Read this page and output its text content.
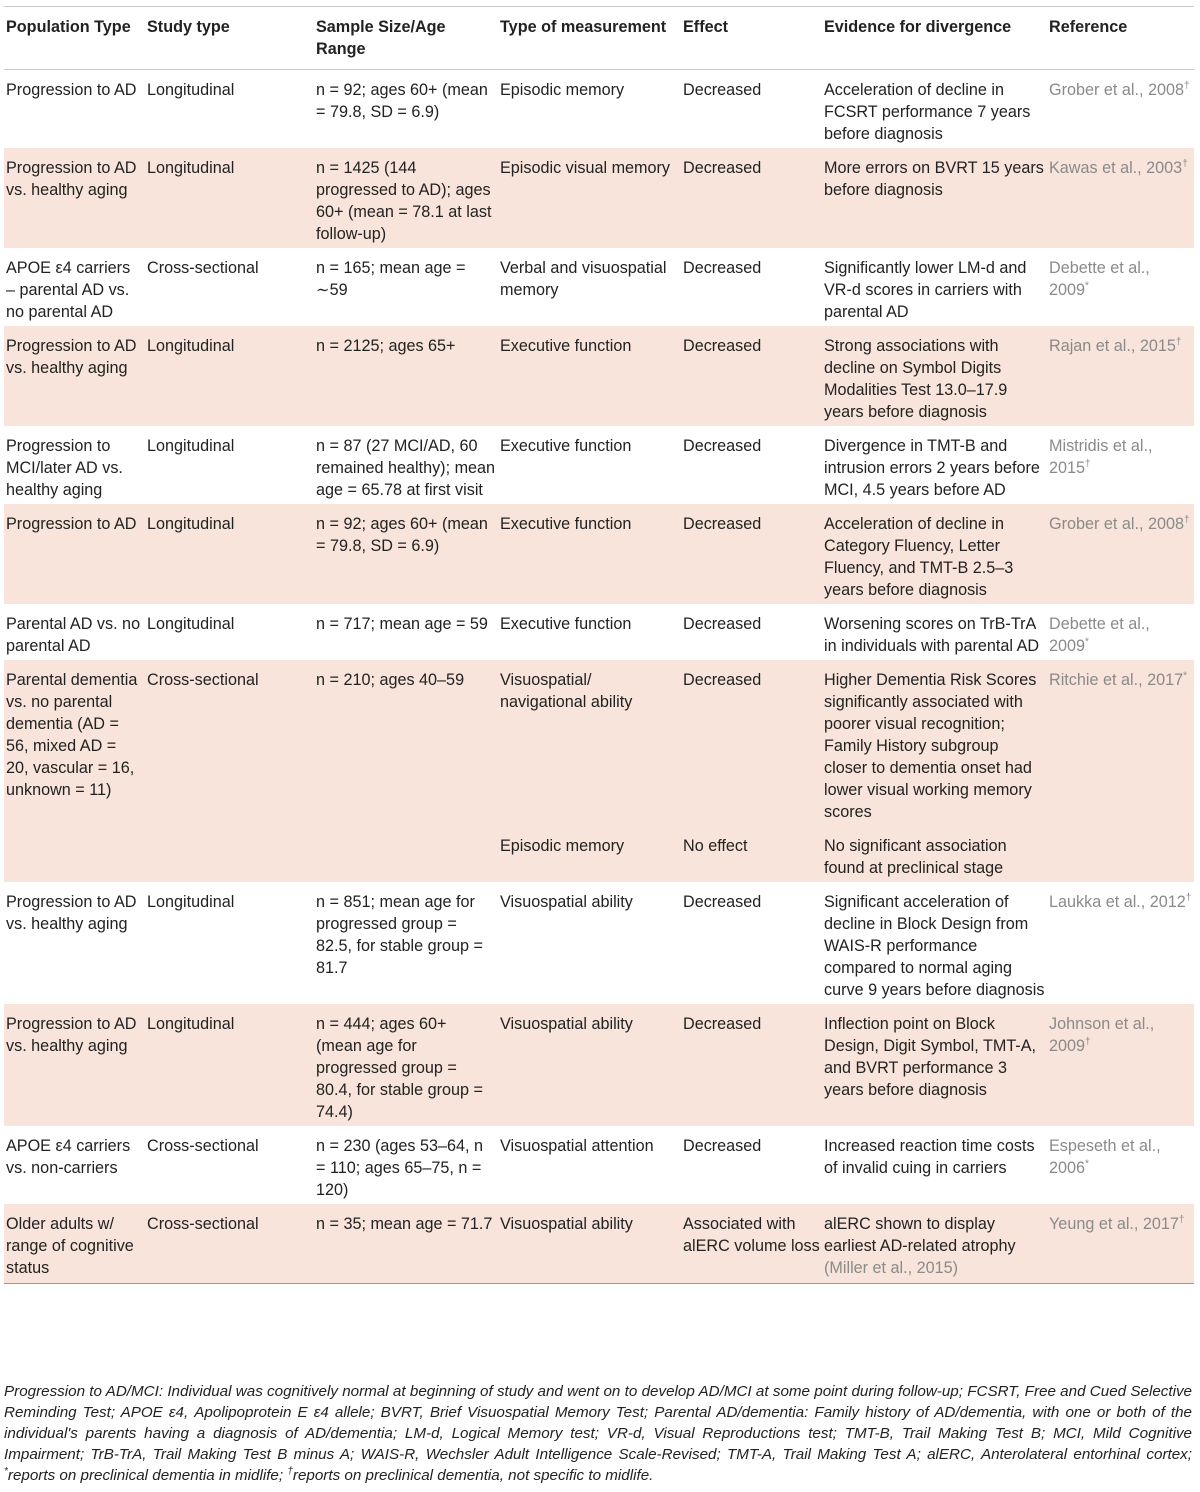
Population Type	Study type	Sample Size/Age Range	Type of measurement	Effect	Evidence for divergence	Reference
Progression to AD	Longitudinal	n = 92; ages 60+ (mean = 79.8, SD = 6.9)	Episodic memory	Decreased	Acceleration of decline in FCSRT performance 7 years before diagnosis	Grober et al., 2008†
Progression to AD vs. healthy aging	Longitudinal	n = 1425 (144 progressed to AD); ages 60+ (mean = 78.1 at last follow-up)	Episodic visual memory	Decreased	More errors on BVRT 15 years before diagnosis	Kawas et al., 2003†
APOE ε4 carriers – parental AD vs. no parental AD	Cross-sectional	n = 165; mean age = ∼59	Verbal and visuospatial memory	Decreased	Significantly lower LM-d and VR-d scores in carriers with parental AD	Debette et al., 2009*
Progression to AD vs. healthy aging	Longitudinal	n = 2125; ages 65+	Executive function	Decreased	Strong associations with decline on Symbol Digits Modalities Test 13.0–17.9 years before diagnosis	Rajan et al., 2015†
Progression to MCI/later AD vs. healthy aging	Longitudinal	n = 87 (27 MCI/AD, 60 remained healthy); mean age = 65.78 at first visit	Executive function	Decreased	Divergence in TMT-B and intrusion errors 2 years before MCI, 4.5 years before AD	Mistridis et al., 2015†
Progression to AD	Longitudinal	n = 92; ages 60+ (mean = 79.8, SD = 6.9)	Executive function	Decreased	Acceleration of decline in Category Fluency, Letter Fluency, and TMT-B 2.5–3 years before diagnosis	Grober et al., 2008†
Parental AD vs. no parental AD	Longitudinal	n = 717; mean age = 59	Executive function	Decreased	Worsening scores on TrB-TrA in individuals with parental AD	Debette et al., 2009*
Parental dementia vs. no parental dementia (AD = 56, mixed AD = 20, vascular = 16, unknown = 11)	Cross-sectional	n = 210; ages 40–59	Visuospatial/ navigational ability	Decreased	Higher Dementia Risk Scores significantly associated with poorer visual recognition; Family History subgroup closer to dementia onset had lower visual working memory scores	Ritchie et al., 2017*
			Episodic memory	No effect	No significant association found at preclinical stage	
Progression to AD vs. healthy aging	Longitudinal	n = 851; mean age for progressed group = 82.5, for stable group = 81.7	Visuospatial ability	Decreased	Significant acceleration of decline in Block Design from WAIS-R performance compared to normal aging curve 9 years before diagnosis	Laukka et al., 2012†
Progression to AD vs. healthy aging	Longitudinal	n = 444; ages 60+ (mean age for progressed group = 80.4, for stable group = 74.4)	Visuospatial ability	Decreased	Inflection point on Block Design, Digit Symbol, TMT-A, and BVRT performance 3 years before diagnosis	Johnson et al., 2009†
APOE ε4 carriers vs. non-carriers	Cross-sectional	n = 230 (ages 53–64, n = 110; ages 65–75, n = 120)	Visuospatial attention	Decreased	Increased reaction time costs of invalid cuing in carriers	Espeseth et al., 2006*
Older adults w/ range of cognitive status	Cross-sectional	n = 35; mean age = 71.7	Visuospatial ability	Associated with alERC volume loss	alERC shown to display earliest AD-related atrophy (Miller et al., 2015)	Yeung et al., 2017†

Progression to AD/MCI: Individual was cognitively normal at beginning of study and went on to develop AD/MCI at some point during follow-up; FCSRT, Free and Cued Selective Reminding Test; APOE ε4, Apolipoprotein E ε4 allele; BVRT, Brief Visuospatial Memory Test; Parental AD/dementia: Family history of AD/dementia, with one or both of the individual's parents having a diagnosis of AD/dementia; LM-d, Logical Memory test; VR-d, Visual Reproductions test; TMT-B, Trail Making Test B; MCI, Mild Cognitive Impairment; TrB-TrA, Trail Making Test B minus A; WAIS-R, Wechsler Adult Intelligence Scale-Revised; TMT-A, Trail Making Test A; alERC, Anterolateral entorhinal cortex; *reports on preclinical dementia in midlife; †reports on preclinical dementia, not specific to midlife.
